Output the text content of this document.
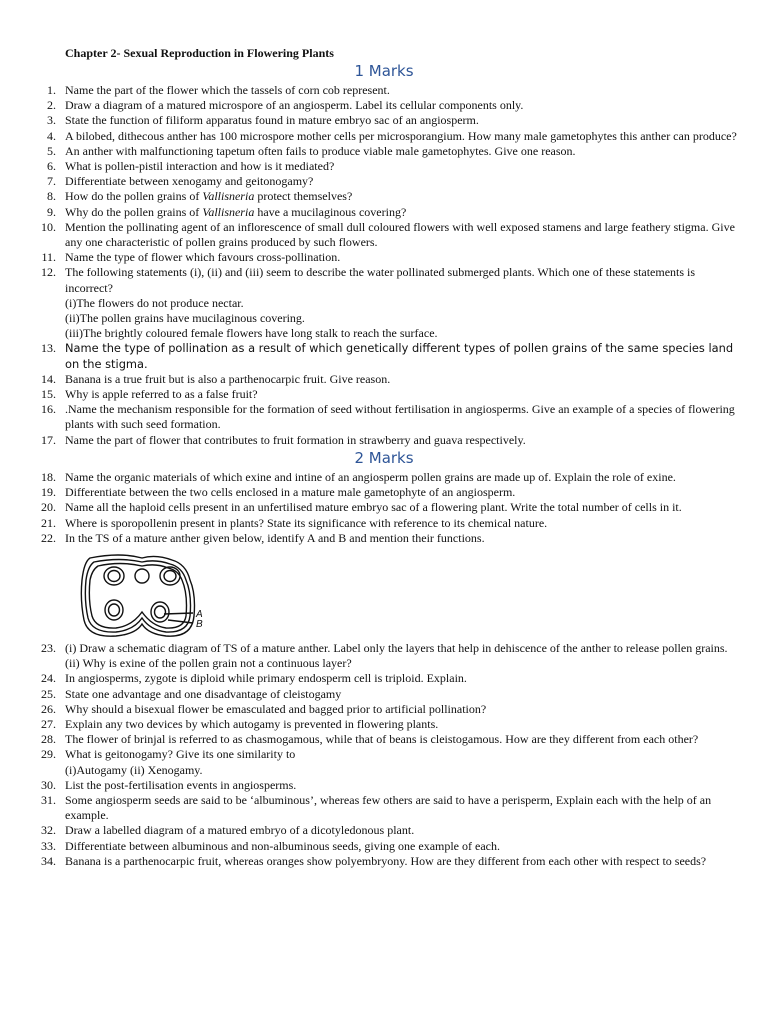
Chapter 2- Sexual Reproduction in Flowering Plants
1 Marks
1 . Name the part of the flower which the tassels of corn cob represent.
2 . Draw a diagram of a matured microspore of an angiosperm. Label its cellular components only.
3 . State the function of filiform apparatus found in mature embryo sac of an angiosperm.
4 . A bilobed, dithecous anther has 100 microspore mother cells per microsporangium. How many male gametophytes this anther can produce?
5 . An anther with malfunctioning tapetum often fails to produce viable male gametophytes. Give one reason.
6 . What is pollen-pistil interaction and how is it mediated?
7 . Differentiate between xenogamy and geitonogamy?
8 . How do the pollen grains of Vallisneria protect themselves?
9 . Why do the pollen grains of Vallisneria have a mucilaginous covering?
10 . Mention the pollinating agent of an inflorescence of small dull coloured flowers with well exposed stamens and large feathery stigma. Give any one characteristic of pollen grains produced by such flowers.
11 . Name the type of flower which favours cross-pollination.
12 . The following statements (i), (ii) and (iii) seem to describe the water pollinated submerged plants. Which one of these statements is incorrect?
(i)The flowers do not produce nectar.
(ii)The pollen grains have mucilaginous covering.
(iii)The brightly coloured female flowers have long stalk to reach the surface.
13 . Name the type of pollination as a result of which genetically different types of pollen grains of the same species land on the stigma.
14 . Banana is a true fruit but is also a parthenocarpic fruit. Give reason.
15 . Why is apple referred to as a false fruit?
16 . .Name the mechanism responsible for the formation of seed without fertilisation in angiosperms. Give an example of a species of flowering plants with such seed formation.
17 . Name the part of flower that contributes to fruit formation in strawberry and guava respectively.
2 Marks
18 . Name the organic materials of which exine and intine of an angiosperm pollen grains are made up of. Explain the role of exine.
19 . Differentiate between the two cells enclosed in a mature male gametophyte of an angiosperm.
20 . Name all the haploid cells present in an unfertilised mature embryo sac of a flowering plant. Write the total number of cells in it.
21 . Where is sporopollenin present in plants? State its significance with reference to its chemical nature.
22 . In the TS of a mature anther given below, identify A and B and mention their functions.
A
B
23 . (i) Draw a schematic diagram of TS of a mature anther. Label only the layers that help in dehiscence of the anther to release pollen grains.
(ii) Why is exine of the pollen grain not a continuous layer?
24 . In angiosperms, zygote is diploid while primary endosperm cell is triploid. Explain.
25 . State one advantage and one disadvantage of cleistogamy
26 . Why should a bisexual flower be emasculated and bagged prior to artificial pollination?
27 . Explain any two devices by which autogamy is prevented in flowering plants.
28 . The flower of brinjal is referred to as chasmogamous, while that of beans is cleistogamous. How are they different from each other?
29 . What is geitonogamy? Give its one similarity to
(i)Autogamy (ii) Xenogamy.
30 . List the post-fertilisation events in angiosperms.
31 . Some angiosperm seeds are said to be ‘albuminous’, whereas few others are said to have a perisperm, Explain each with the help of an example.
32 . Draw a labelled diagram of a matured embryo of a dicotyledonous plant.
33 . Differentiate between albuminous and non-albuminous seeds, giving one example of each.
34 . Banana is a parthenocarpic fruit, whereas oranges show polyembryony. How are they different from each other with respect to seeds?
